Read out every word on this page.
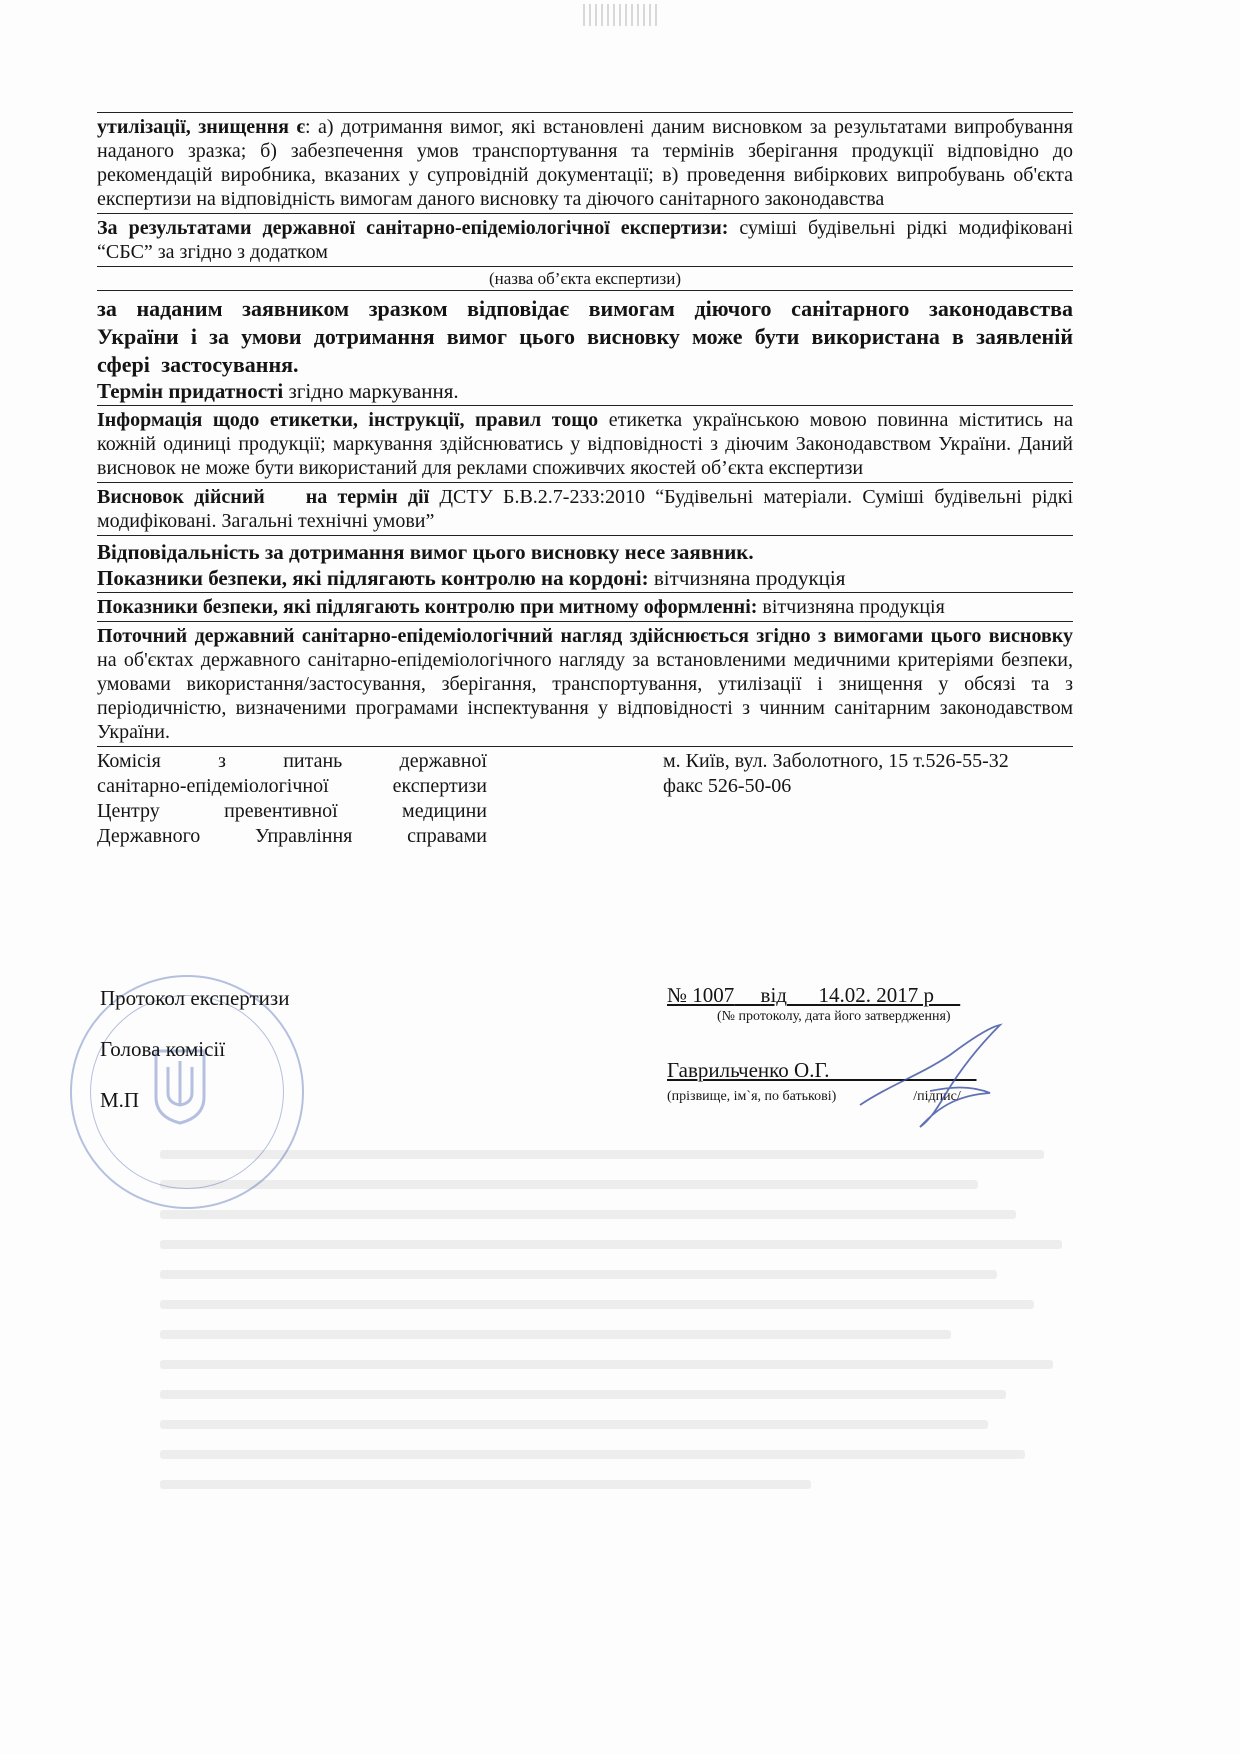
утилізації, знищення є: а) дотримання вимог, які встановлені даним висновком за результатами випробування наданого зразка; б) забезпечення умов транспортування та термінів зберігання продукції відповідно до рекомендацій виробника, вказаних у супровідній документації; в) проведення вибіркових випробувань об'єкта експертизи на відповідність вимогам даного висновку та діючого санітарного законодавства
За результатами державної санітарно-епідеміологічної експертизи: суміші будівельні рідкі модифіковані “СБС” за згідно з додатком
(назва об’єкта експертизи)
за наданим заявником зразком відповідає вимогам діючого санітарного законодавства України і за умови дотримання вимог цього висновку може бути використана в заявленій сфері застосування.
Термін придатності згідно маркування.
Інформація щодо етикетки, інструкції, правил тощо етикетка українською мовою повинна міститись на кожній одиниці продукції; маркування здійснюватись у відповідності з діючим Законодавством України. Даний висновок не може бути використаний для реклами споживчих якостей об’єкта експертизи
Висновок дійсний на термін дії ДСТУ Б.В.2.7-233:2010 “Будівельні матеріали. Суміші будівельні рідкі модифіковані. Загальні технічні умови”
Відповідальність за дотримання вимог цього висновку несе заявник.
Показники безпеки, які підлягають контролю на кордоні: вітчизняна продукція
Показники безпеки, які підлягають контролю при митному оформленні: вітчизняна продукція
Поточний державний санітарно-епідеміологічний нагляд здійснюється згідно з вимогами цього висновку на об'єктах державного санітарно-епідеміологічного нагляду за встановленими медичними критеріями безпеки, умовами використання/застосування, зберігання, транспортування, утилізації і знищення у обсязі та з періодичністю, визначеними програмами інспектування у відповідності з чинним санітарним законодавством України.
Комісія з питань державної
санітарно-епідеміологічної експертизи
Центру превентивної медицини
Державного Управління справами
м. Київ, вул. Заболотного, 15 т.526-55-32
факс 526-50-06
Протокол експертизи
Голова комісії
М.П
№ 1007 від 14.02. 2017 р
(№ протоколу, дата його затвердження)
Гаврильченко О.Г.
(прізвище, ім`я, по батькові)	/підпис/
